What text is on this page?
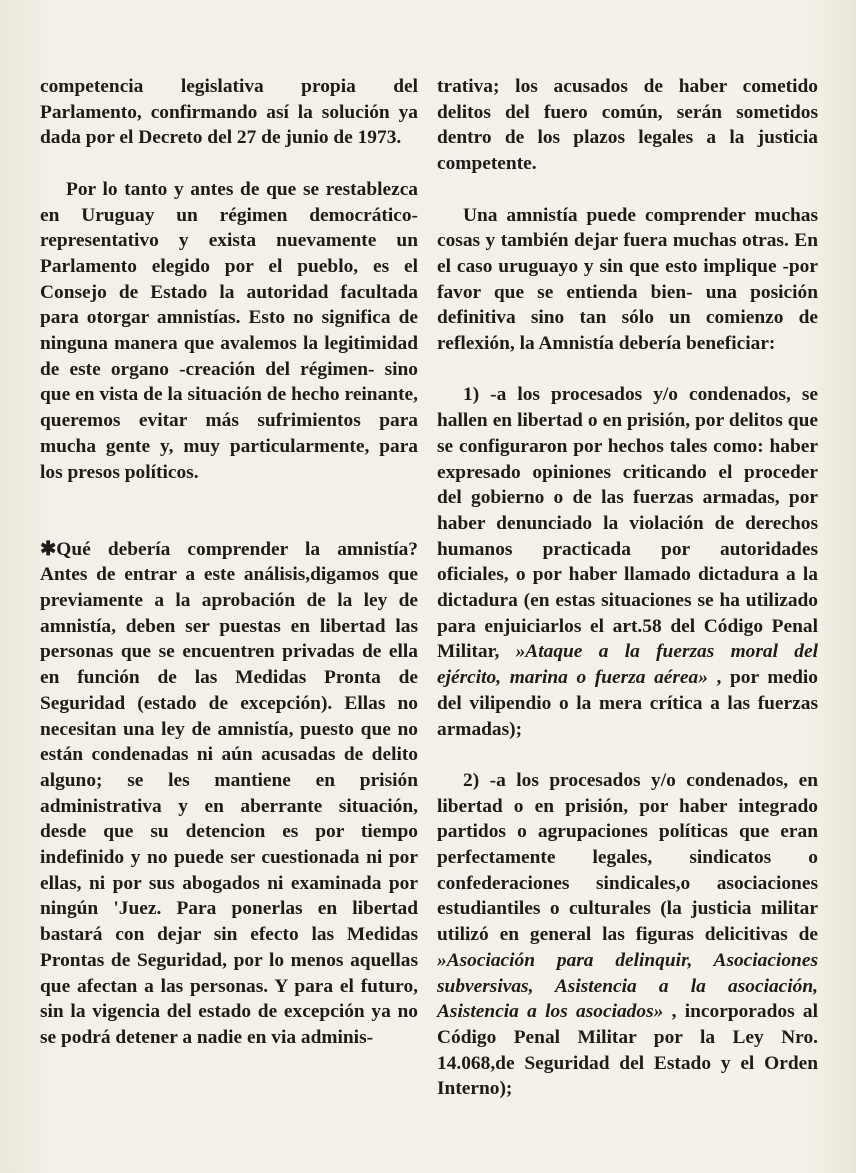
competencia legislativa propia del Parlamento, confirmando así la solución ya dada por el Decreto del 27 de junio de 1973.

Por lo tanto y antes de que se restablezca en Uruguay un régimen democrático-representativo y exista nuevamente un Parlamento elegido por el pueblo, es el Consejo de Estado la autoridad facultada para otorgar amnistías. Esto no significa de ninguna manera que avalemos la legitimidad de este organo -creación del régimen- sino que en vista de la situación de hecho reinante, queremos evitar más sufrimientos para mucha gente y, muy particularmente, para los presos políticos.

✱Qué debería comprender la amnistía? Antes de entrar a este análisis,digamos que previamente a la aprobación de la ley de amnistía, deben ser puestas en libertad las personas que se encuentren privadas de ella en función de las Medidas Pronta de Seguridad (estado de excepción). Ellas no necesitan una ley de amnistía, puesto que no están condenadas ni aún acusadas de delito alguno; se les mantiene en prisión administrativa y en aberrante situación, desde que su detencion es por tiempo indefinido y no puede ser cuestionada ni por ellas, ni por sus abogados ni examinada por ningún 'Juez. Para ponerlas en libertad bastará con dejar sin efecto las Medidas Prontas de Seguridad, por lo menos aquellas que afectan a las personas. Y para el futuro, sin la vigencia del estado de excepción ya no se podrá detener a nadie en via adminis-

trativa; los acusados de haber cometido delitos del fuero común, serán sometidos dentro de los plazos legales a la justicia competente.

Una amnistía puede comprender muchas cosas y también dejar fuera muchas otras. En el caso uruguayo y sin que esto implique -por favor que se entienda bien- una posición definitiva sino tan sólo un comienzo de reflexión, la Amnistía debería beneficiar:

1) -a los procesados y/o condenados, se hallen en libertad o en prisión, por delitos que se configuraron por hechos tales como: haber expresado opiniones criticando el proceder del gobierno o de las fuerzas armadas, por haber denunciado la violación de derechos humanos practicada por autoridades oficiales, o por haber llamado dictadura a la dictadura (en estas situaciones se ha utilizado para enjuiciarlos el art.58 del Código Penal Militar, »Ataque a la fuerzas moral del ejército, marina o fuerza aérea» , por medio del vilipendio o la mera crítica a las fuerzas armadas);

2) -a los procesados y/o condenados, en libertad o en prisión, por haber integrado partidos o agrupaciones políticas que eran perfectamente legales, sindicatos o confederaciones sindicales,o asociaciones estudiantiles o culturales (la justicia militar utilizó en general las figuras delicitivas de »Asociación para delinquir, Asociaciones subversivas, Asistencia a la asociación, Asistencia a los asociados» , incorporados al Código Penal Militar por la Ley Nro. 14.068,de Seguridad del Estado y el Orden Interno);
